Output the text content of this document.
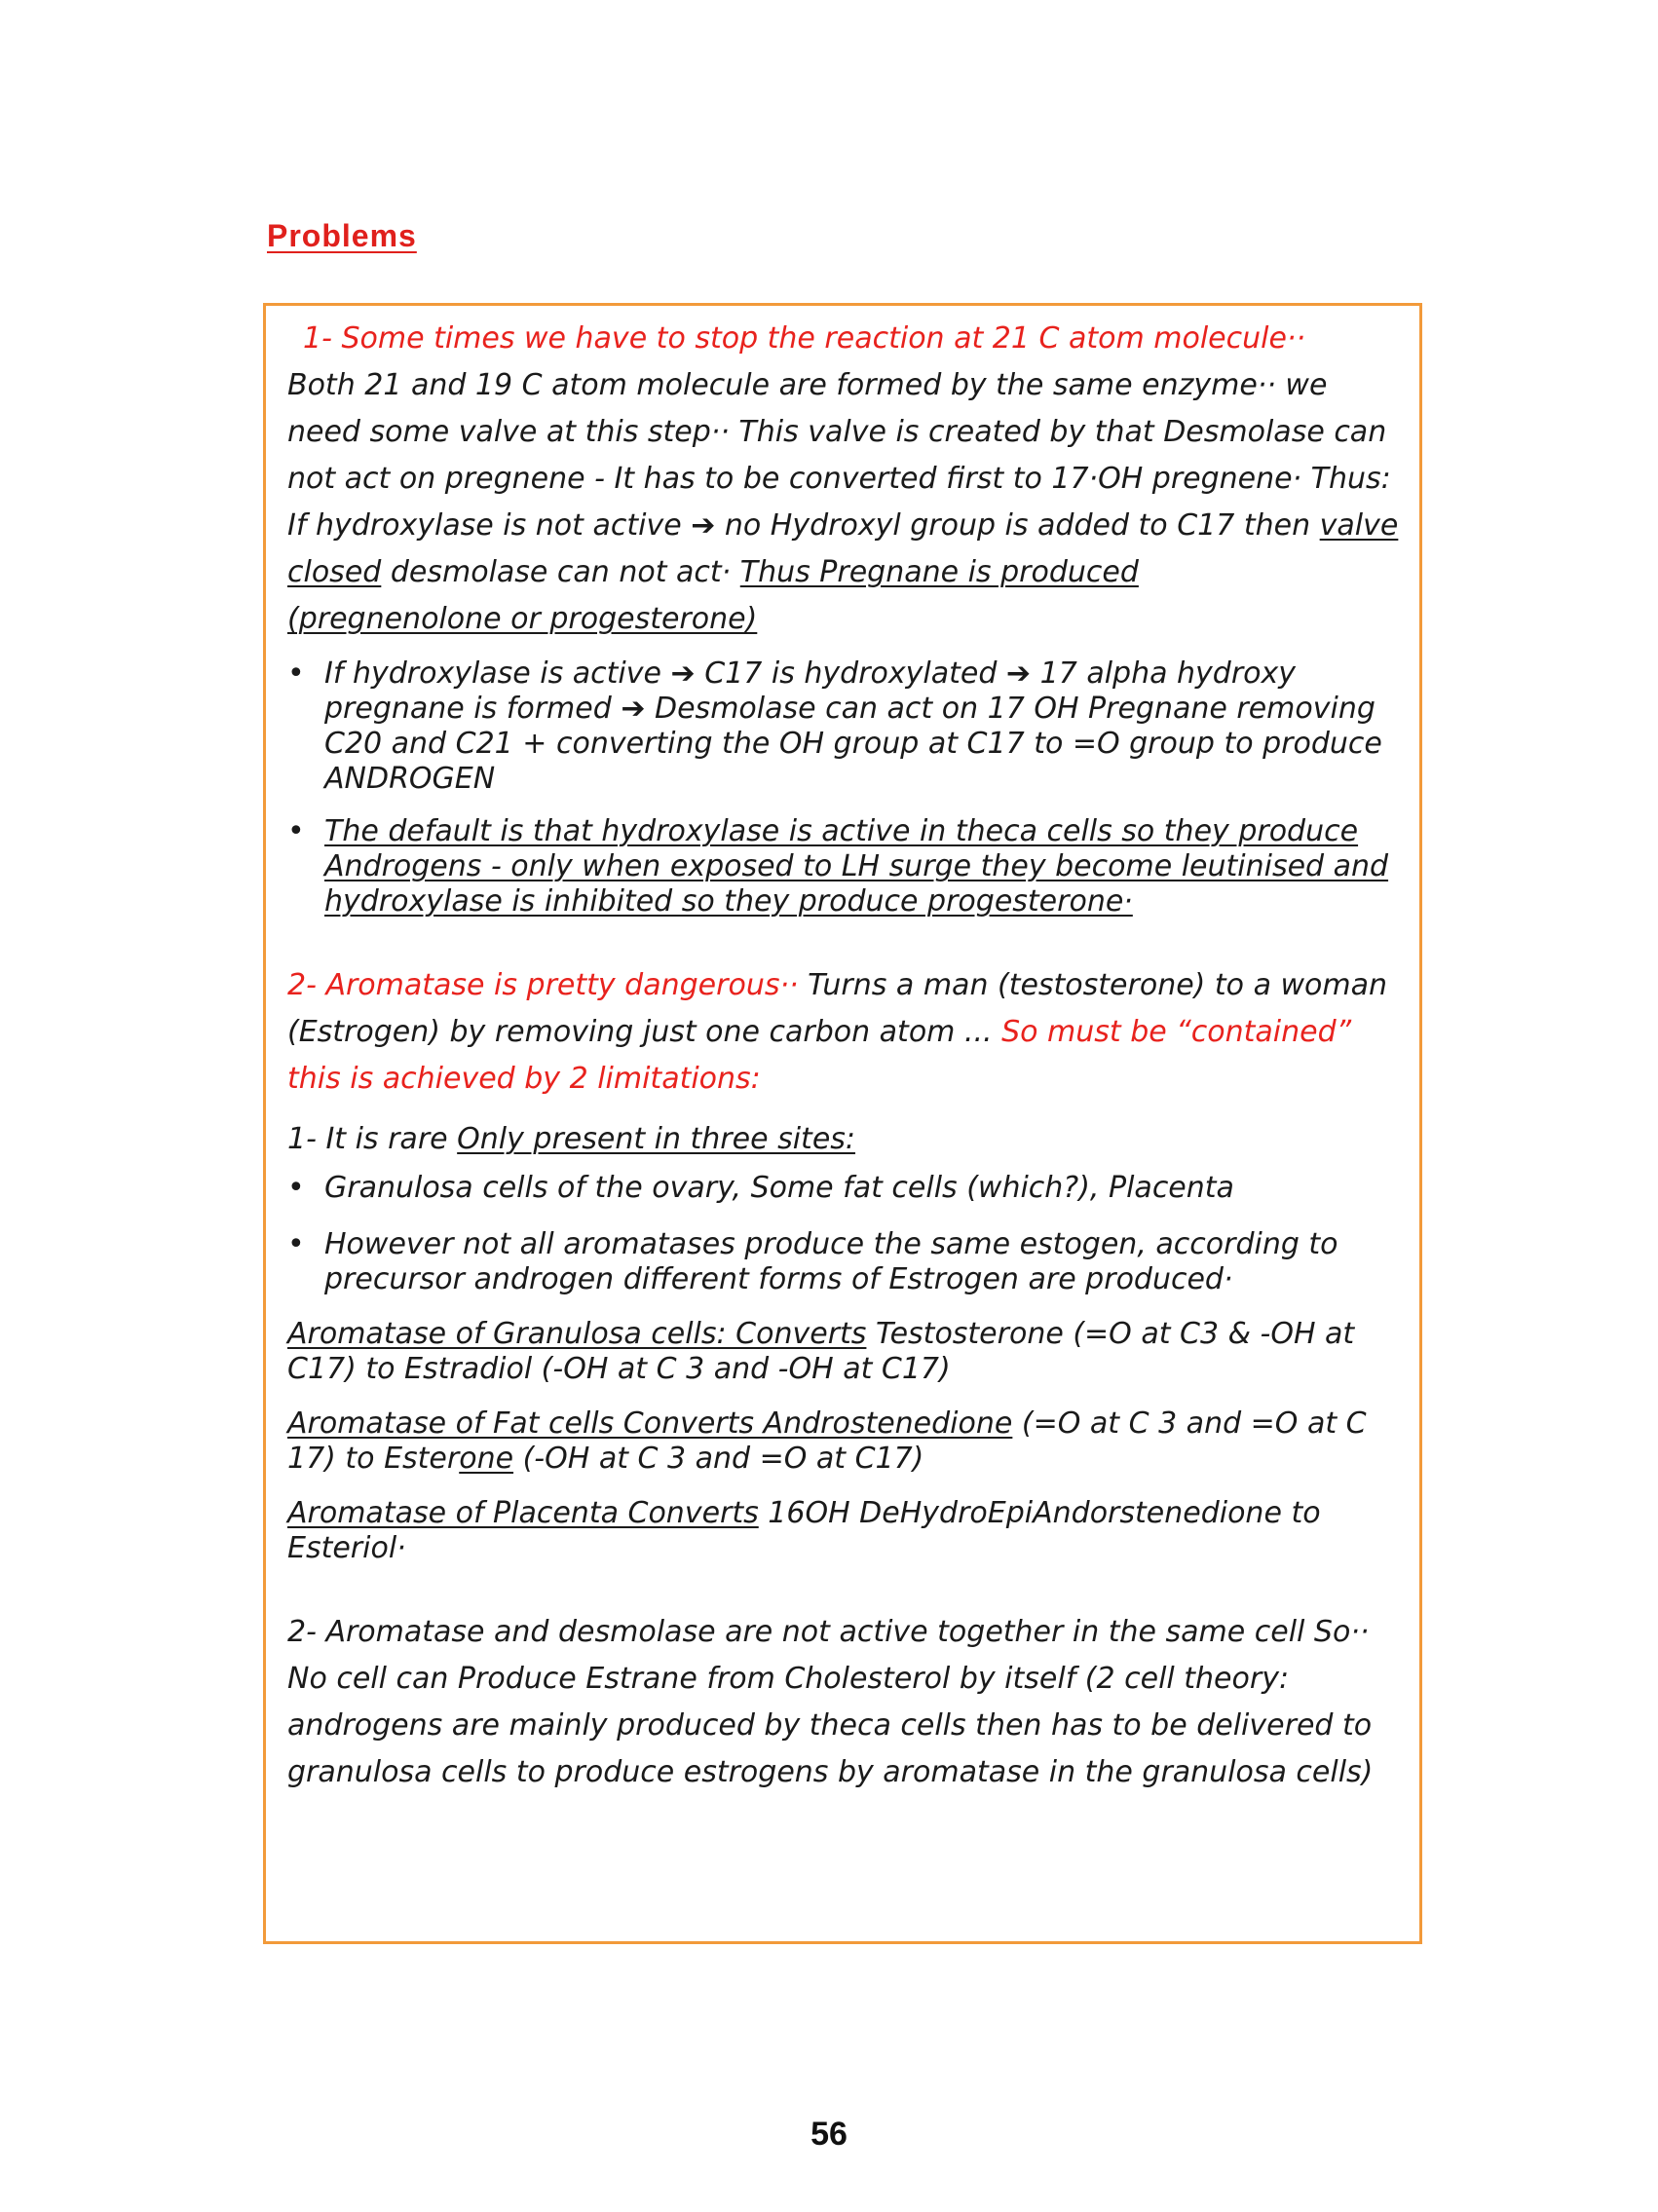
Problems

1- Some times we have to stop the reaction at 21 C atom molecule··

Both 21 and 19 C atom molecule are formed by the same enzyme·· we need some valve at this step·· This valve is created by that Desmolase can not act on pregnene - It has to be converted first to 17·OH pregnene· Thus:

If hydroxylase is not active ➔ no Hydroxyl group is added to C17 then valve closed desmolase can not act· Thus Pregnane is produced
(pregnenolone or progesterone)

• If hydroxylase is active ➔ C17 is hydroxylated ➔ 17 alpha hydroxy pregnane is formed ➔ Desmolase can act on 17 OH Pregnane removing C20 and C21 + converting the OH group at C17 to =O group to produce ANDROGEN
• The default is that hydroxylase is active in theca cells so they produce Androgens - only when exposed to LH surge they become leutinised and hydroxylase is inhibited so they produce progesterone·

2- Aromatase is pretty dangerous·· Turns a man (testosterone) to a woman (Estrogen) by removing just one carbon atom ... So must be “contained” this is achieved by 2 limitations:

1- It is rare Only present in three sites:

• Granulosa cells of the ovary, Some fat cells (which?), Placenta
• However not all aromatases produce the same estogen, according to precursor androgen different forms of Estrogen are produced·

Aromatase of Granulosa cells: Converts Testosterone (=O at C3 & -OH at C17) to Estradiol (-OH at C 3 and -OH at C17)

Aromatase of Fat cells Converts Androstenedione (=O at C 3 and =O at C 17) to Esterone (-OH at C 3 and =O at C17)

Aromatase of Placenta Converts 16OH DeHydroEpiAndorstenedione to Esteriol·

2- Aromatase and desmolase are not active together in the same cell So·· No cell can Produce Estrane from Cholesterol by itself (2 cell theory: androgens are mainly produced by theca cells then has to be delivered to granulosa cells to produce estrogens by aromatase in the granulosa cells)

56
